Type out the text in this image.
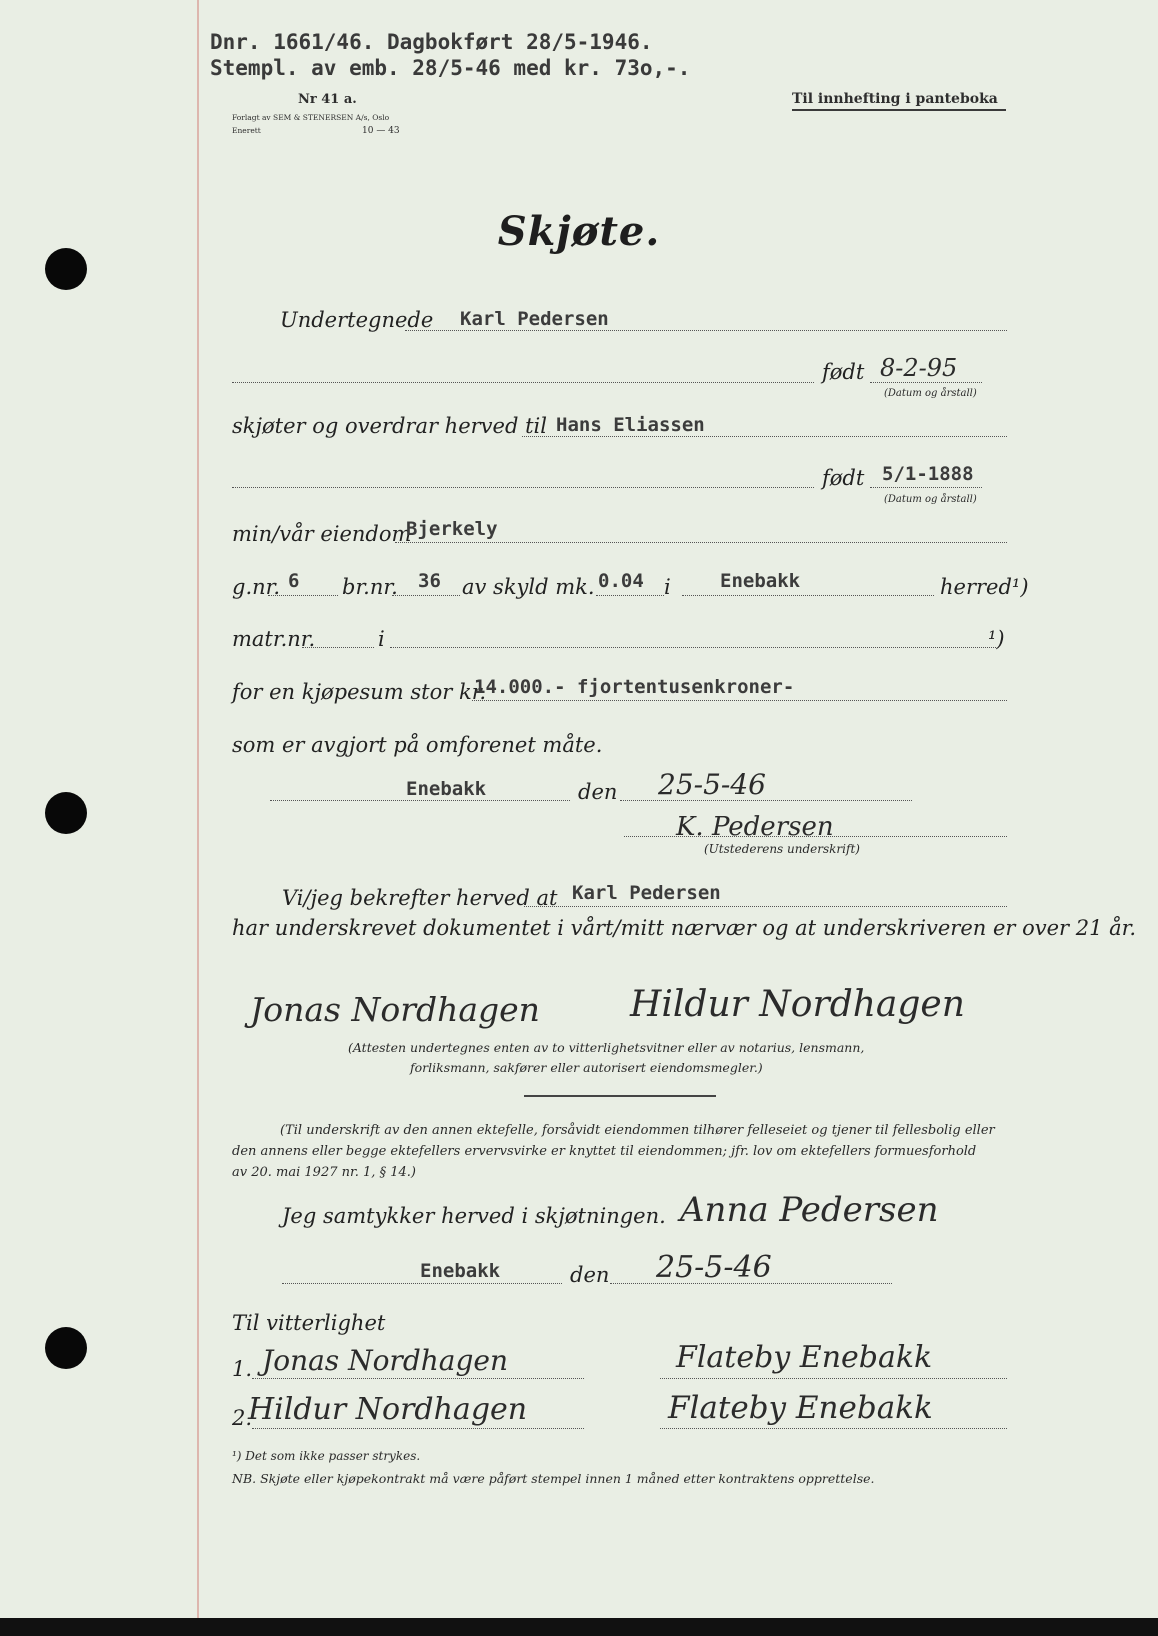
Dnr. 1661/46. Dagbokført 28/5-1946.
Stempl. av emb. 28/5-46 med kr. 73o,-.
Nr 41 a.
Forlagt av SEM & STENERSEN A/s, Oslo
Enerett	10 — 43
Til innhefting i panteboka
Skjøte.
Undertegnede Karl Pedersen
født 8-2-95
(Datum og årstall)
skjøter og overdrar herved til Hans Eliassen
født 5/1-1888
(Datum og årstall)
min/vår eiendom
Bjerkely
g.nr. 6 br.nr. 36 av skyld mk. 0.04 i	Enebakk	herred¹)
matr.nr.	i	¹)
for en kjøpesum stor kr.
14.000.- fjortentusenkroner-
som er avgjort på omforenet måte.
Enebakk	den 25-5-46
K. Pedersen
(Utstederens underskrift)
Vi/jeg bekrefter herved at Karl Pedersen
har underskrevet dokumentet i vårt/mitt nærvær og at underskriveren er over 21 år.
Jonas Nordhagen	Hildur Nordhagen
(Attesten undertegnes enten av to vitterlighetsvitner eller av notarius, lensmann,
forliksmann, sakfører eller autorisert eiendomsmegler.)
(Til underskrift av den annen ektefelle, forsåvidt eiendommen tilhører felleseiet og tjener til fellesbolig eller
den annens eller begge ektefellers ervervsvirke er knyttet til eiendommen; jfr. lov om ektefellers formuesforhold
av 20. mai 1927 nr. 1, § 14.)
Jeg samtykker herved i skjøtningen. Anna Pedersen
Enebakk	den 25-5-46
Til vitterlighet
1. Jonas Nordhagen	Flateby Enebakk
2.
Hildur Nordhagen	Flateby Enebakk
¹) Det som ikke passer strykes.
NB. Skjøte eller kjøpekontrakt må være påført stempel innen 1 måned etter kontraktens opprettelse.
